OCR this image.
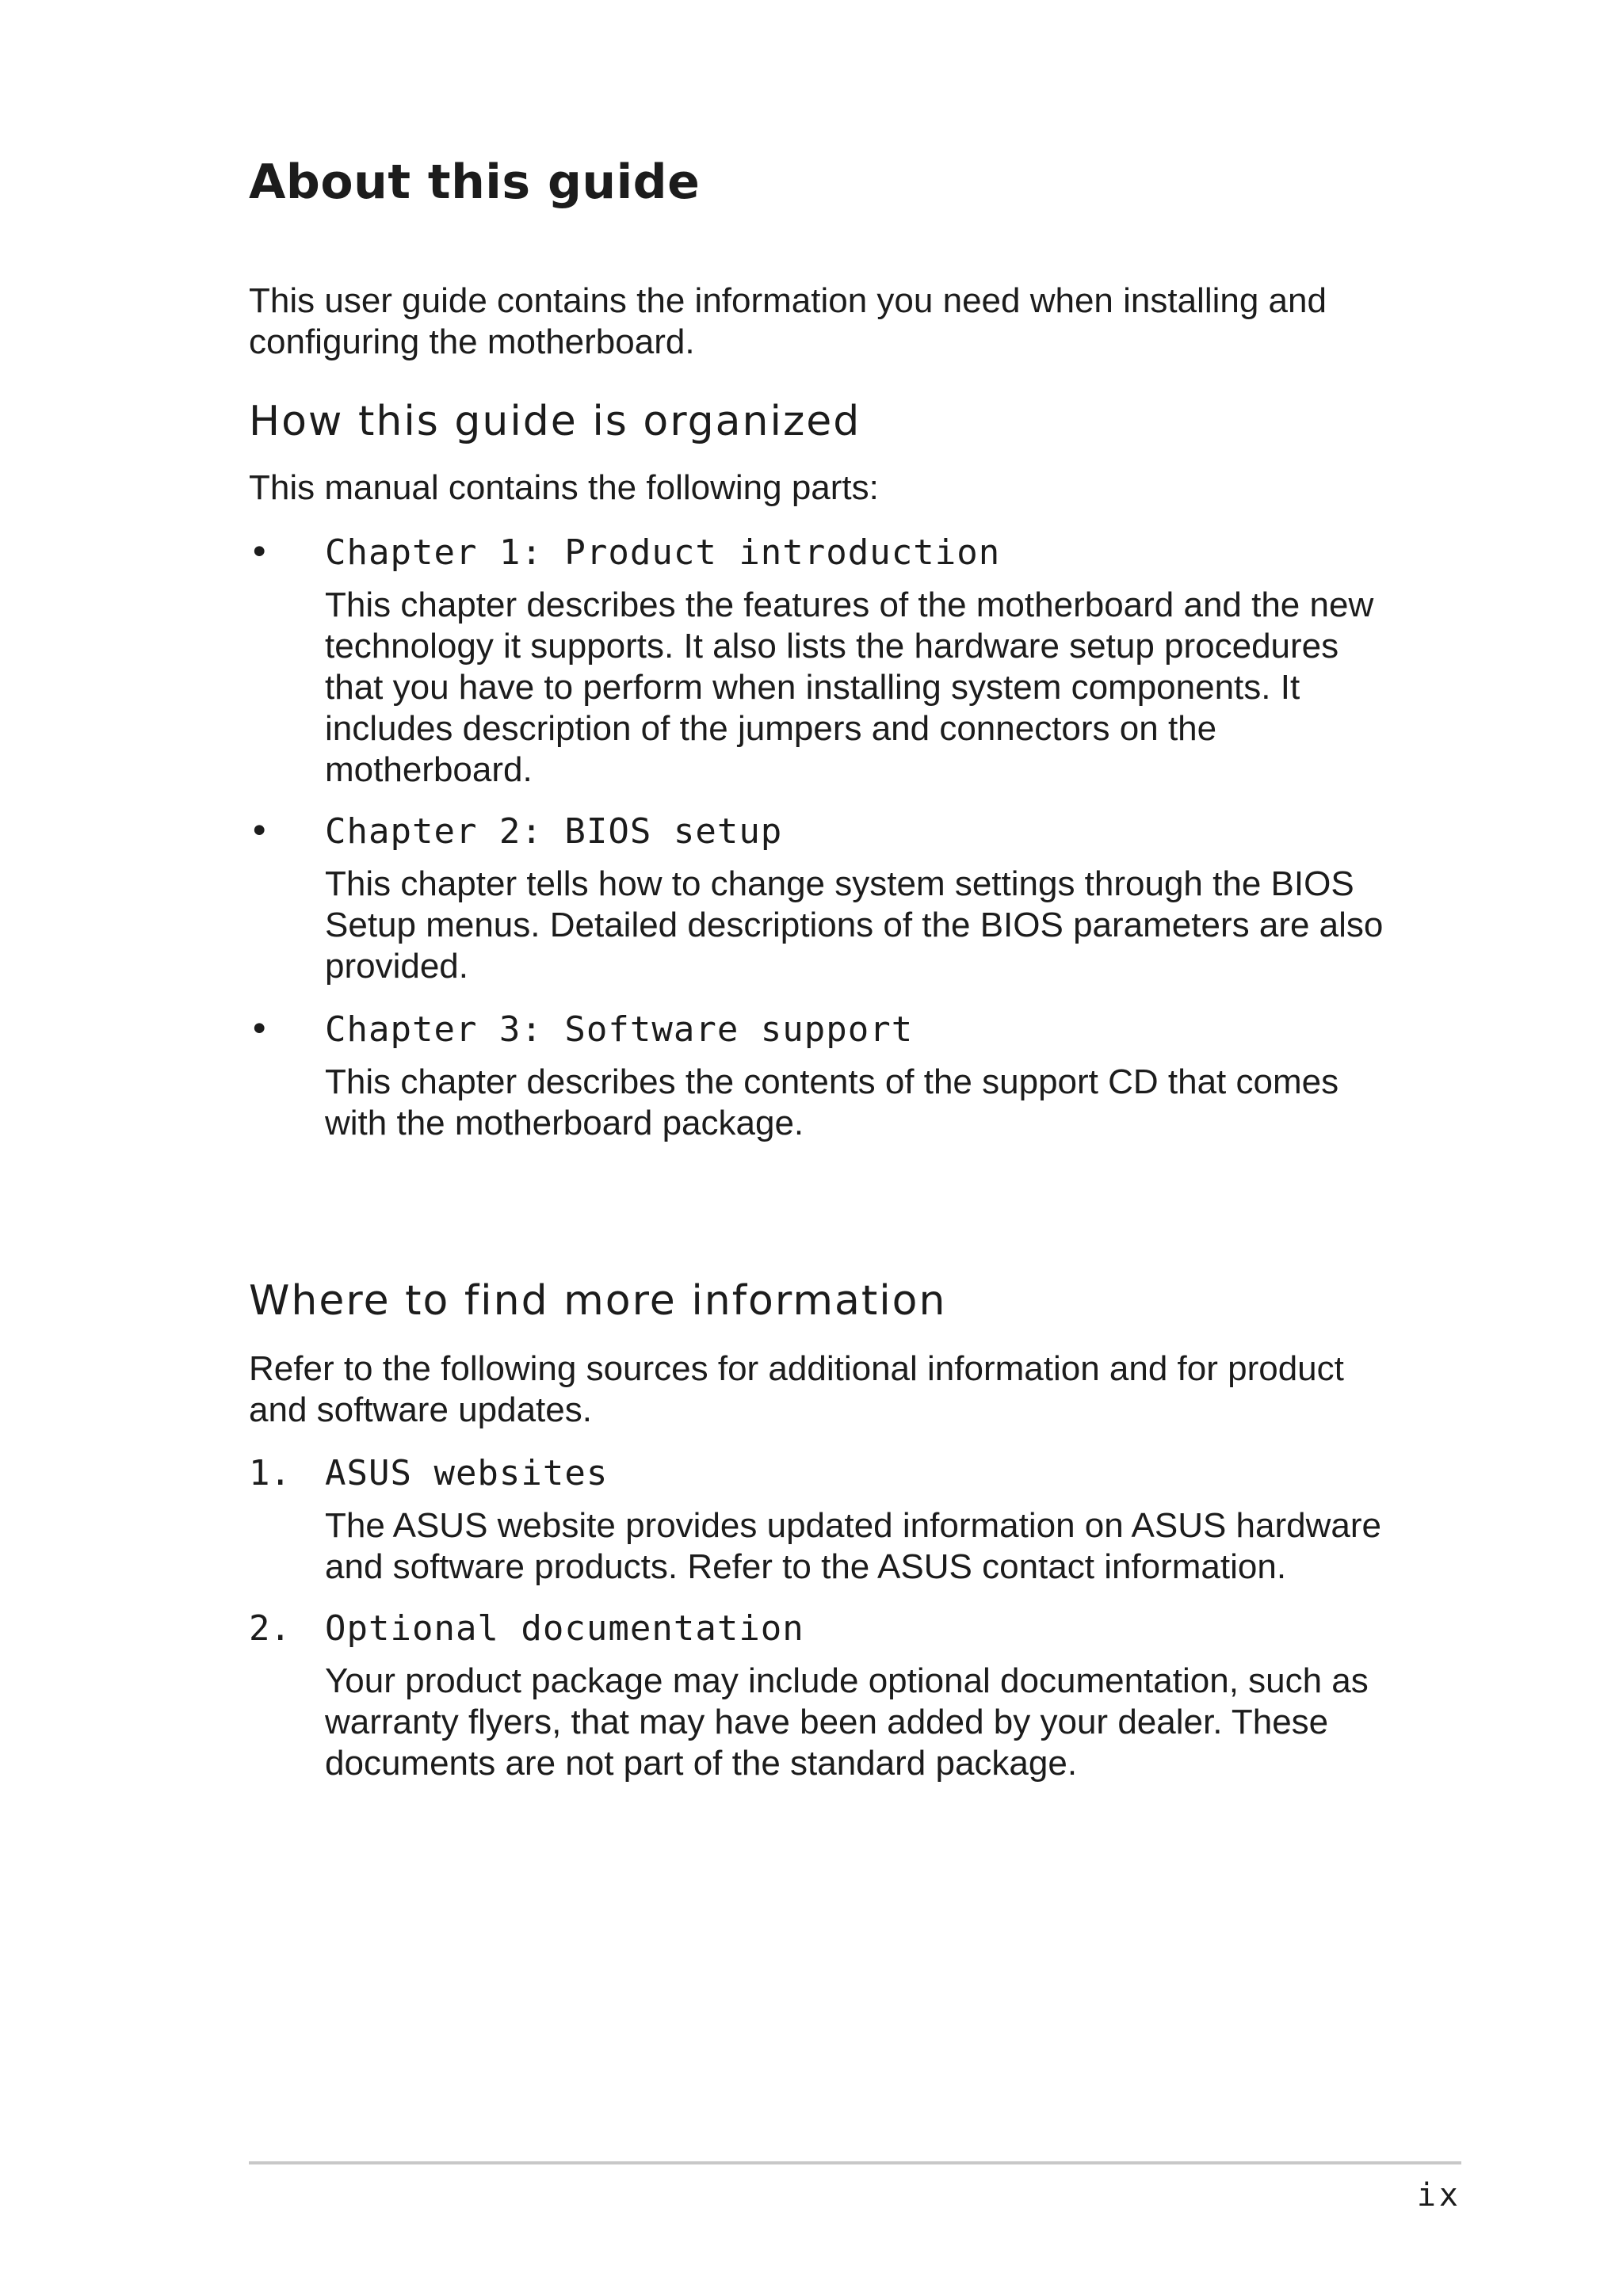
About this guide

This user guide contains the information you need when installing and configuring the motherboard.

How this guide is organized

This manual contains the following parts:

• Chapter 1: Product introduction

This chapter describes the features of the motherboard and the new technology it supports. It also lists the hardware setup procedures that you have to perform when installing system components. It includes description of the jumpers and connectors on the motherboard.

• Chapter 2: BIOS setup

This chapter tells how to change system settings through the BIOS Setup menus. Detailed descriptions of the BIOS parameters are also provided.

• Chapter 3: Software support

This chapter describes the contents of the support CD that comes with the motherboard package.

Where to find more information

Refer to the following sources for additional information and for product and software updates.

1. ASUS websites

The ASUS website provides updated information on ASUS hardware and software products. Refer to the ASUS contact information.

2. Optional documentation

Your product package may include optional documentation, such as warranty flyers, that may have been added by your dealer. These documents are not part of the standard package.

ix
